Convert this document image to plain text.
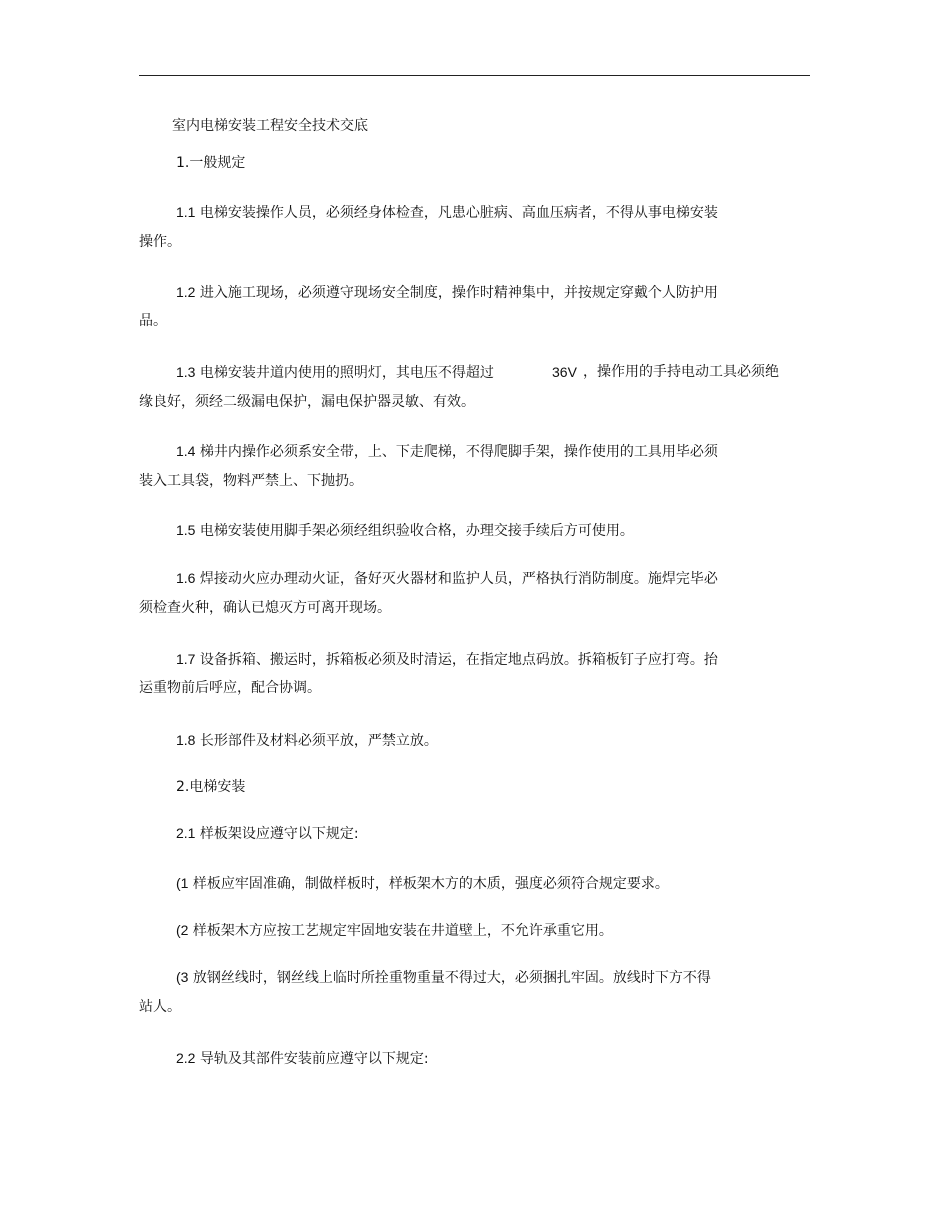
室内电梯安装工程安全技术交底
1.一般规定
1.1 电梯安装操作人员，必须经身体检查，凡患心脏病、高血压病者，不得从事电梯安装
操作。
1.2 进入施工现场，必须遵守现场安全制度，操作时精神集中，并按规定穿戴个人防护用
品。
1.3 电梯安装井道内使用的照明灯，其电压不得超过	36V ，操作用的手持电动工具必须绝
缘良好，须经二级漏电保护，漏电保护器灵敏、有效。
1.4 梯井内操作必须系安全带，上、下走爬梯，不得爬脚手架，操作使用的工具用毕必须
装入工具袋，物料严禁上、下抛扔。
1.5 电梯安装使用脚手架必须经组织验收合格，办理交接手续后方可使用。
1.6 焊接动火应办理动火证，备好灭火器材和监护人员，严格执行消防制度。施焊完毕必
须检查火种，确认已熄灭方可离开现场。
1.7 设备拆箱、搬运时，拆箱板必须及时清运，在指定地点码放。拆箱板钉子应打弯。抬
运重物前后呼应，配合协调。
1.8 长形部件及材料必须平放，严禁立放。
2.电梯安装
2.1 样板架设应遵守以下规定:
(1 样板应牢固准确，制做样板时，样板架木方的木质，强度必须符合规定要求。
(2 样板架木方应按工艺规定牢固地安装在井道壁上，不允许承重它用。
(3 放钢丝线时，钢丝线上临时所拴重物重量不得过大，必须捆扎牢固。放线时下方不得
站人。
2.2 导轨及其部件安装前应遵守以下规定:
